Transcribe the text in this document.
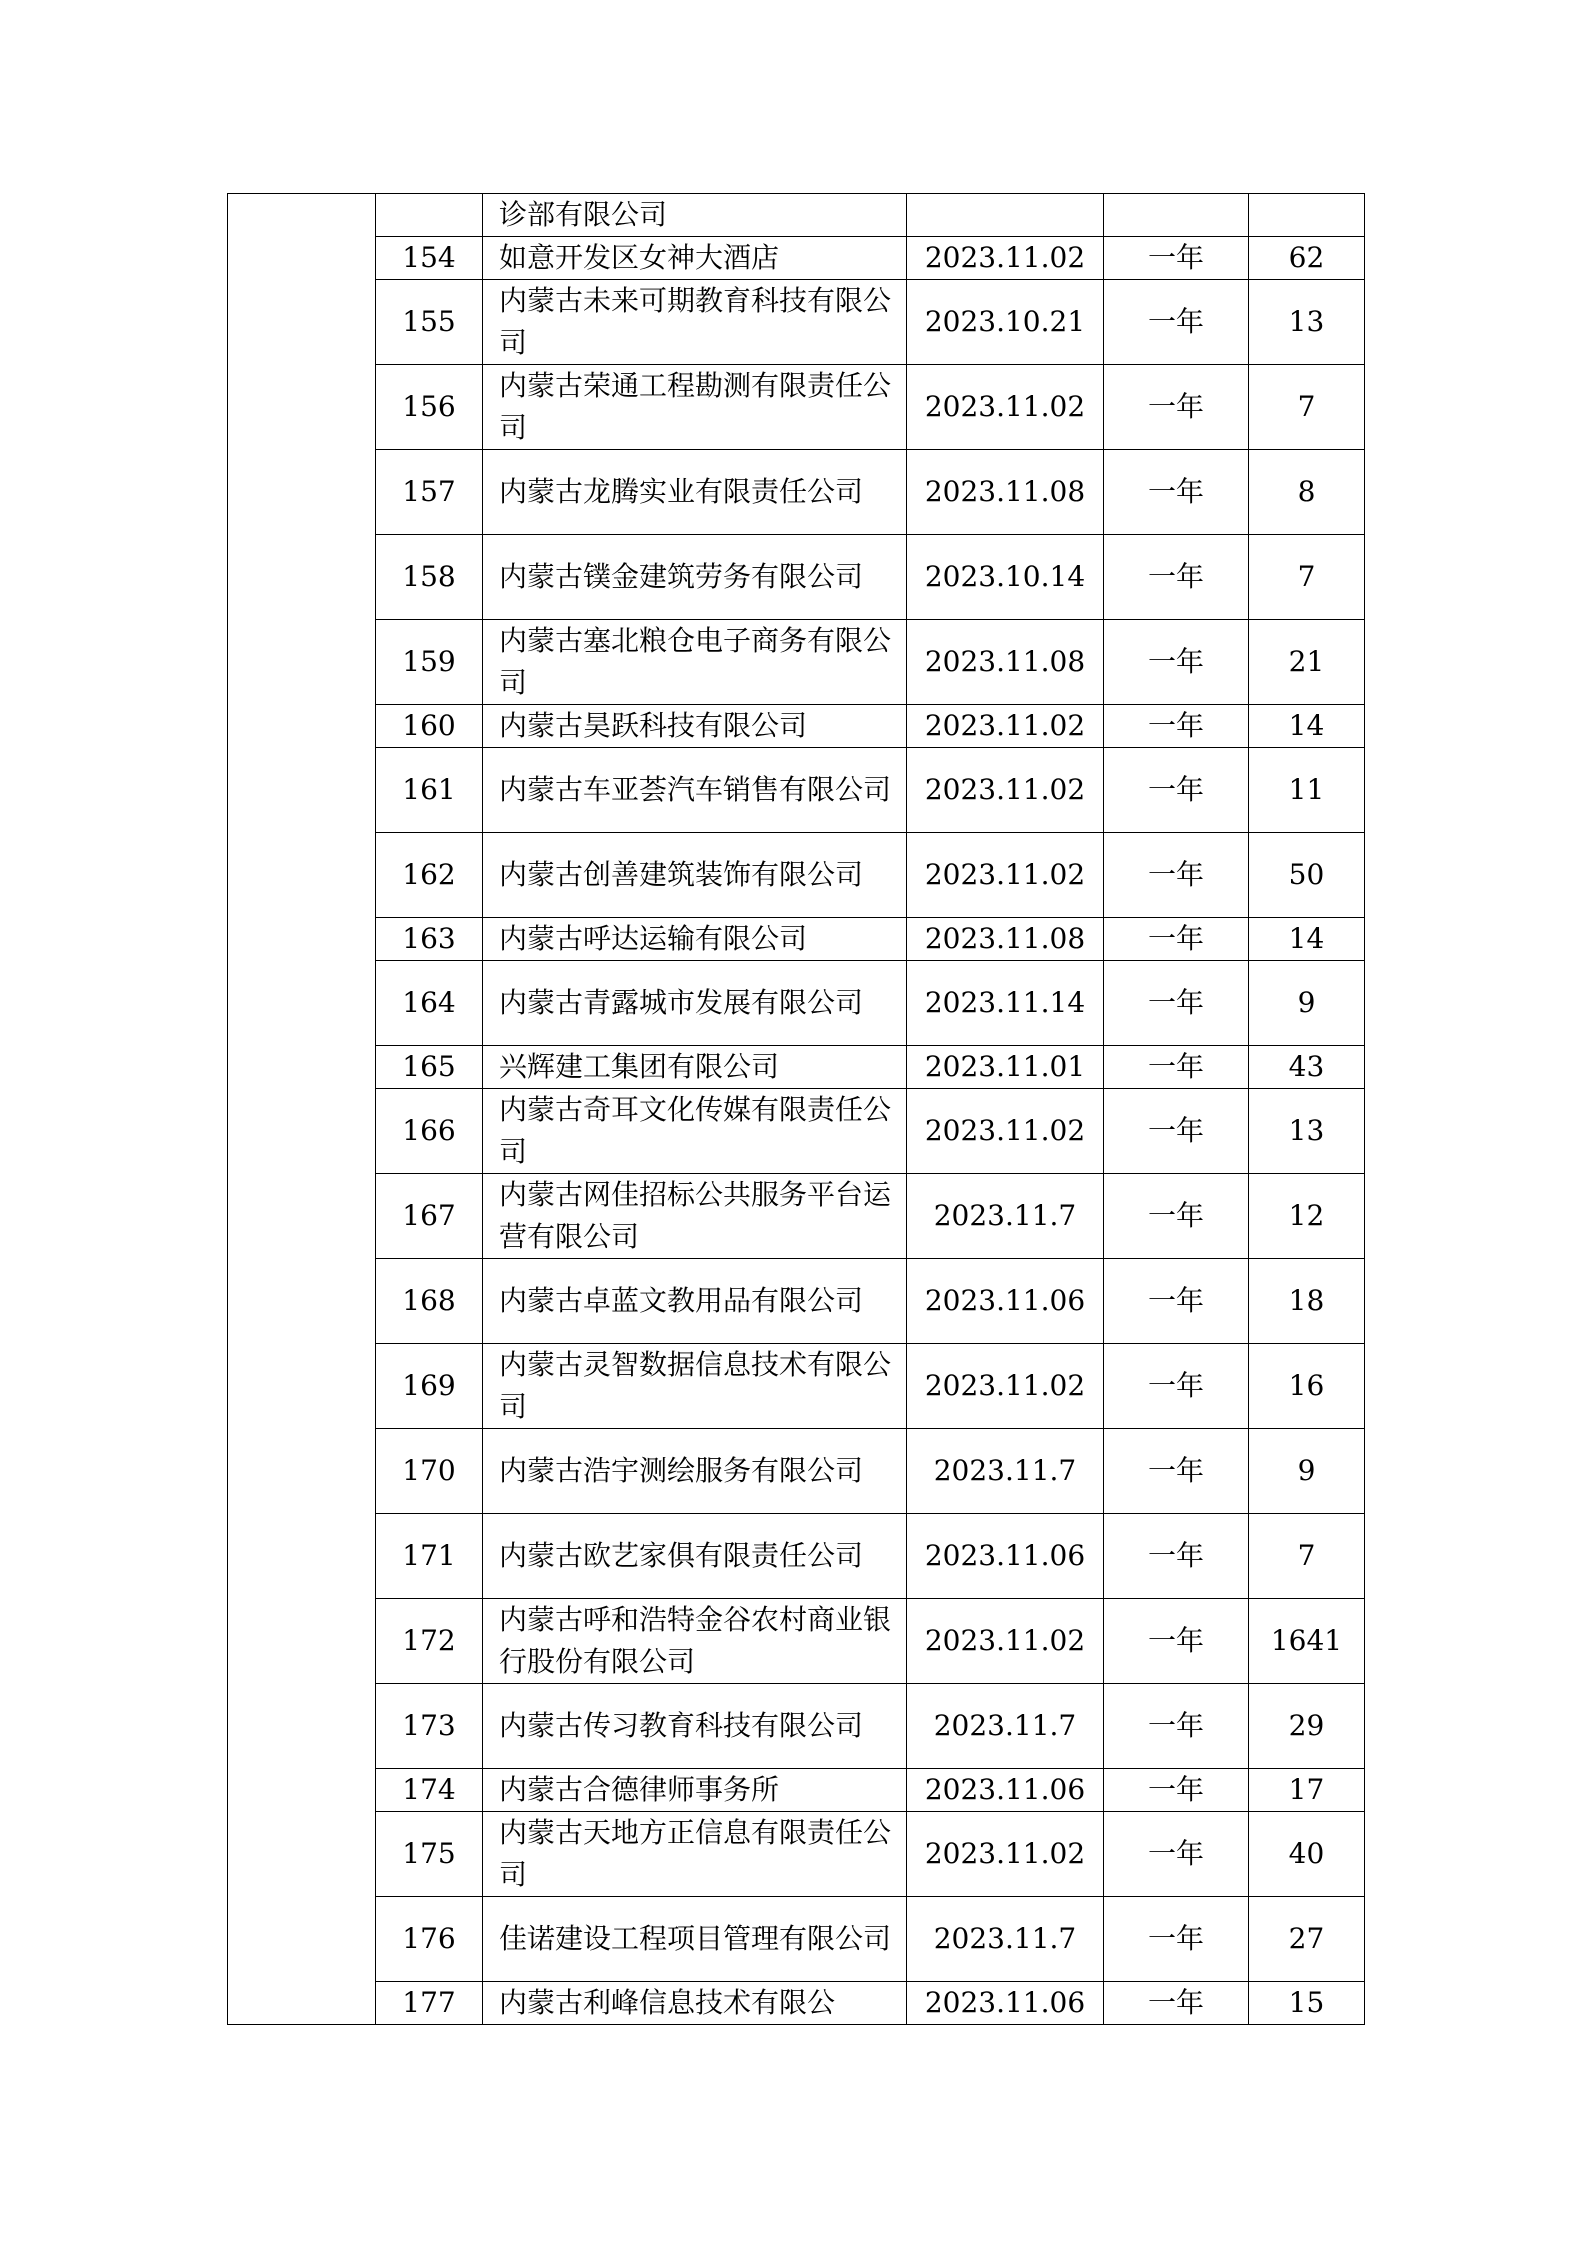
		诊部有限公司			

	154	如意开发区女神大酒店	2023.11.02	一年	62
	155	内蒙古未来可期教育科技有限公司	2023.10.21	一年	13
	156	内蒙古荣通工程勘测有限责任公司	2023.11.02	一年	7
	157	内蒙古龙腾实业有限责任公司	2023.11.08	一年	8
	158	内蒙古镤金建筑劳务有限公司	2023.10.14	一年	7
	159	内蒙古塞北粮仓电子商务有限公司	2023.11.08	一年	21
	160	内蒙古昊跃科技有限公司	2023.11.02	一年	14
	161	内蒙古车亚荟汽车销售有限公司	2023.11.02	一年	11
	162	内蒙古创善建筑装饰有限公司	2023.11.02	一年	50
	163	内蒙古呼达运输有限公司	2023.11.08	一年	14
	164	内蒙古青露城市发展有限公司	2023.11.14	一年	9
	165	兴辉建工集团有限公司	2023.11.01	一年	43
	166	内蒙古奇耳文化传媒有限责任公司	2023.11.02	一年	13
	167	内蒙古网佳招标公共服务平台运营有限公司	2023.11.7	一年	12
	168	内蒙古卓蓝文教用品有限公司	2023.11.06	一年	18
	169	内蒙古灵智数据信息技术有限公司	2023.11.02	一年	16
	170	内蒙古浩宇测绘服务有限公司	2023.11.7	一年	9
	171	内蒙古欧艺家俱有限责任公司	2023.11.06	一年	7
	172	内蒙古呼和浩特金谷农村商业银行股份有限公司	2023.11.02	一年	1641
	173	内蒙古传习教育科技有限公司	2023.11.7	一年	29
	174	内蒙古合德律师事务所	2023.11.06	一年	17
	175	内蒙古天地方正信息有限责任公司	2023.11.02	一年	40
	176	佳诺建设工程项目管理有限公司	2023.11.7	一年	27
	177	内蒙古利峰信息技术有限公	2023.11.06	一年	15
